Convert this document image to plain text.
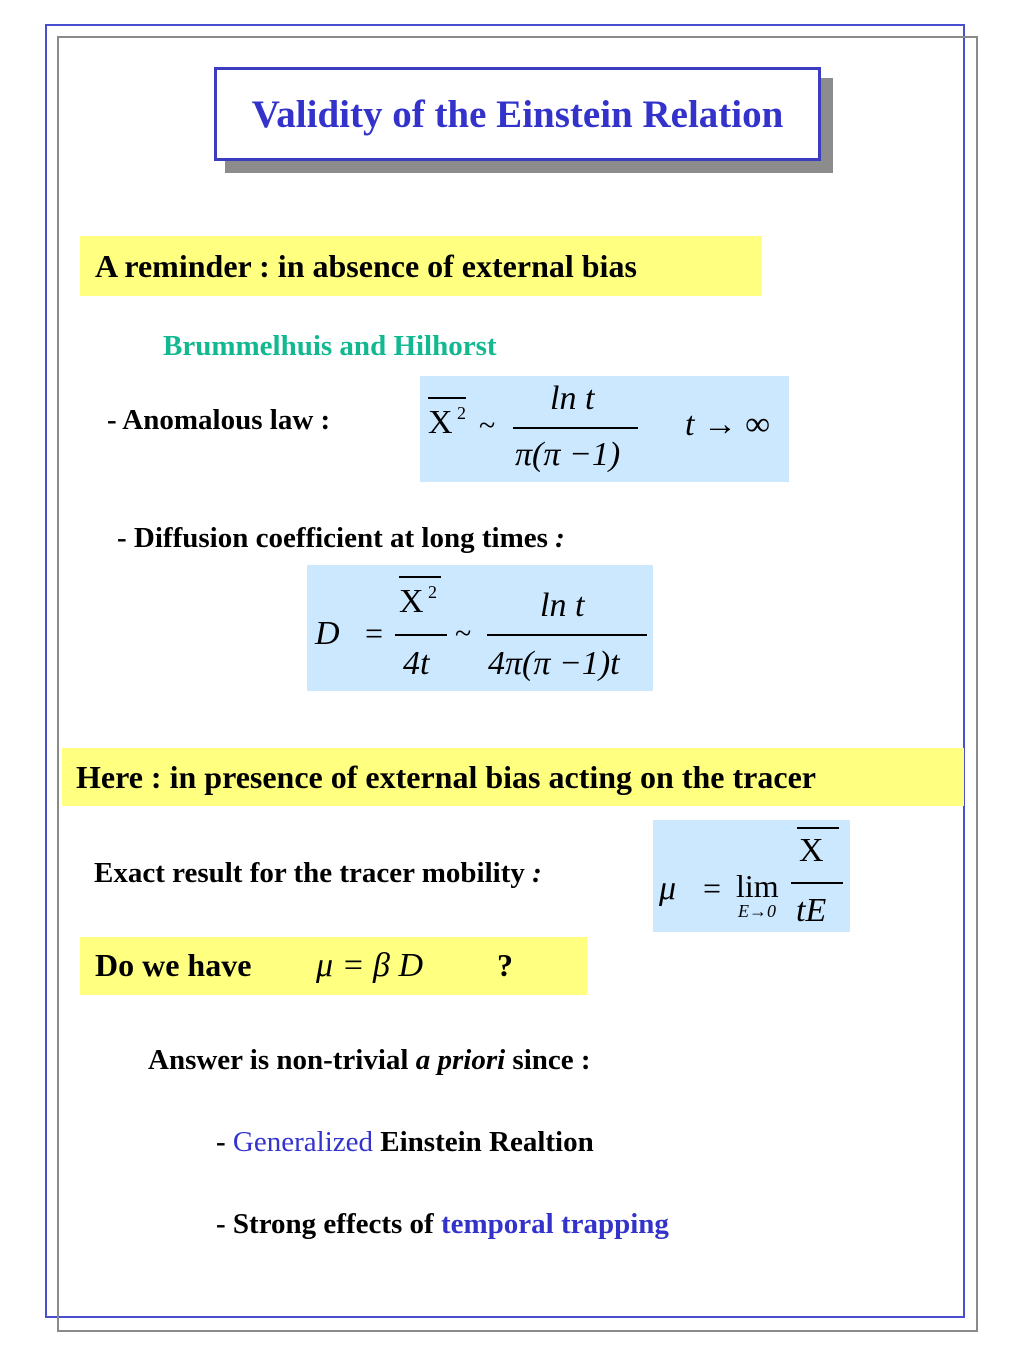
Validity of the Einstein Relation
A reminder : in absence of external bias
Brummelhuis and Hilhorst
- Anomalous law :	X 2 ~
ln t
π(π −1)
t → ∞
- Diffusion coefficient at long times :
D =
X 2
4t
~
ln t
4π(π −1)t
Here : in presence of external bias acting on the tracer
Exact result for the tracer mobility :	μ = lim
E→0
X
tE
Do we have μ = β D ?
Answer is non-trivial a priori since :
- Generalized Einstein Realtion
- Strong effects of temporal trapping
